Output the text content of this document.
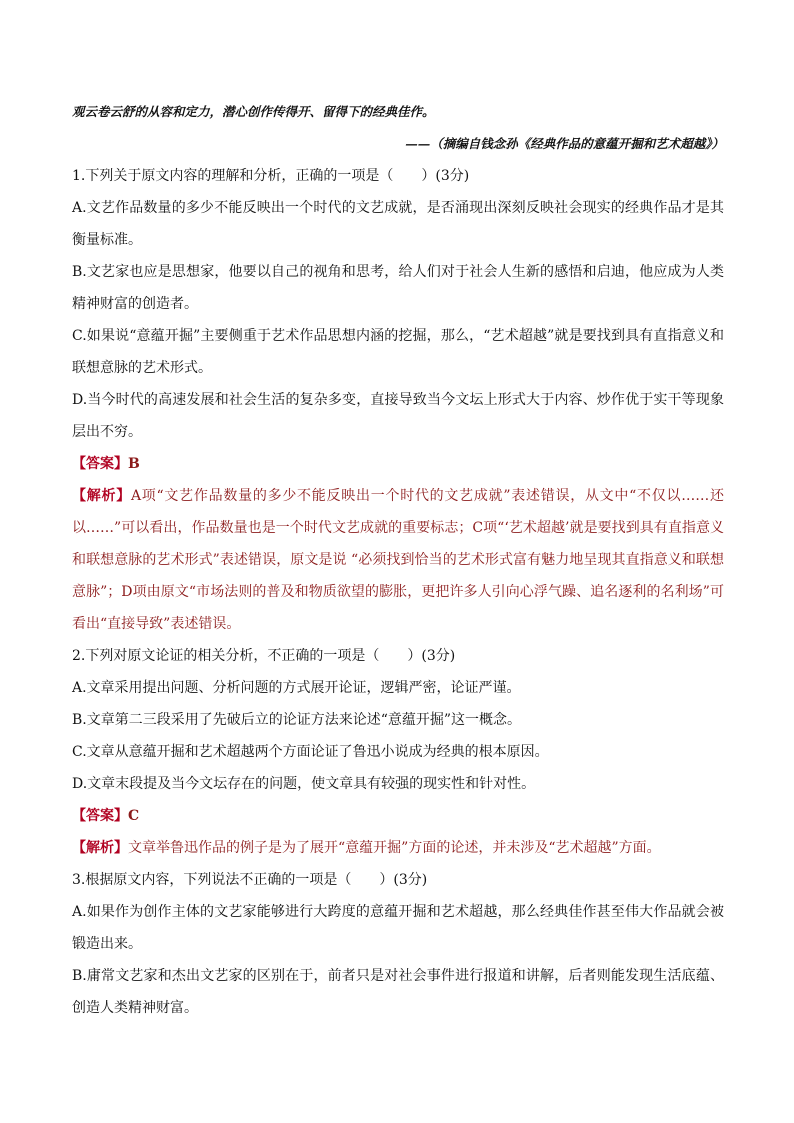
观云卷云舒的从容和定力，潜心创作传得开、留得下的经典佳作。

——（摘编自钱念孙《经典作品的意蕴开掘和艺术超越》）

1.下列关于原文内容的理解和分析，正确的一项是（　　）(3分)

A.文艺作品数量的多少不能反映出一个时代的文艺成就，是否涌现出深刻反映社会现实的经典作品才是其衡量标准。

B.文艺家也应是思想家，他要以自己的视角和思考，给人们对于社会人生新的感悟和启迪，他应成为人类精神财富的创造者。

C.如果说“意蕴开掘”主要侧重于艺术作品思想内涵的挖掘，那么，“艺术超越”就是要找到具有直指意义和联想意脉的艺术形式。

D.当今时代的高速发展和社会生活的复杂多变，直接导致当今文坛上形式大于内容、炒作优于实干等现象层出不穷。

【答案】B

【解析】A项“文艺作品数量的多少不能反映出一个时代的文艺成就”表述错误，从文中“不仅以……还以……”可以看出，作品数量也是一个时代文艺成就的重要标志；C项“‘艺术超越’就是要找到具有直指意义和联想意脉的艺术形式”表述错误，原文是说 “必须找到恰当的艺术形式富有魅力地呈现其直指意义和联想意脉”；D项由原文“市场法则的普及和物质欲望的膨胀，更把许多人引向心浮气躁、追名逐利的名利场”可看出“直接导致”表述错误。

2.下列对原文论证的相关分析，不正确的一项是（　　）(3分)

A.文章采用提出问题、分析问题的方式展开论证，逻辑严密，论证严谨。

B.文章第二三段采用了先破后立的论证方法来论述“意蕴开掘”这一概念。

C.文章从意蕴开掘和艺术超越两个方面论证了鲁迅小说成为经典的根本原因。

D.文章末段提及当今文坛存在的问题，使文章具有较强的现实性和针对性。

【答案】C

【解析】文章举鲁迅作品的例子是为了展开“意蕴开掘”方面的论述，并未涉及“艺术超越”方面。

3.根据原文内容，下列说法不正确的一项是（　　）(3分)

A.如果作为创作主体的文艺家能够进行大跨度的意蕴开掘和艺术超越，那么经典佳作甚至伟大作品就会被锻造出来。

B.庸常文艺家和杰出文艺家的区别在于，前者只是对社会事件进行报道和讲解，后者则能发现生活底蕴、创造人类精神财富。
